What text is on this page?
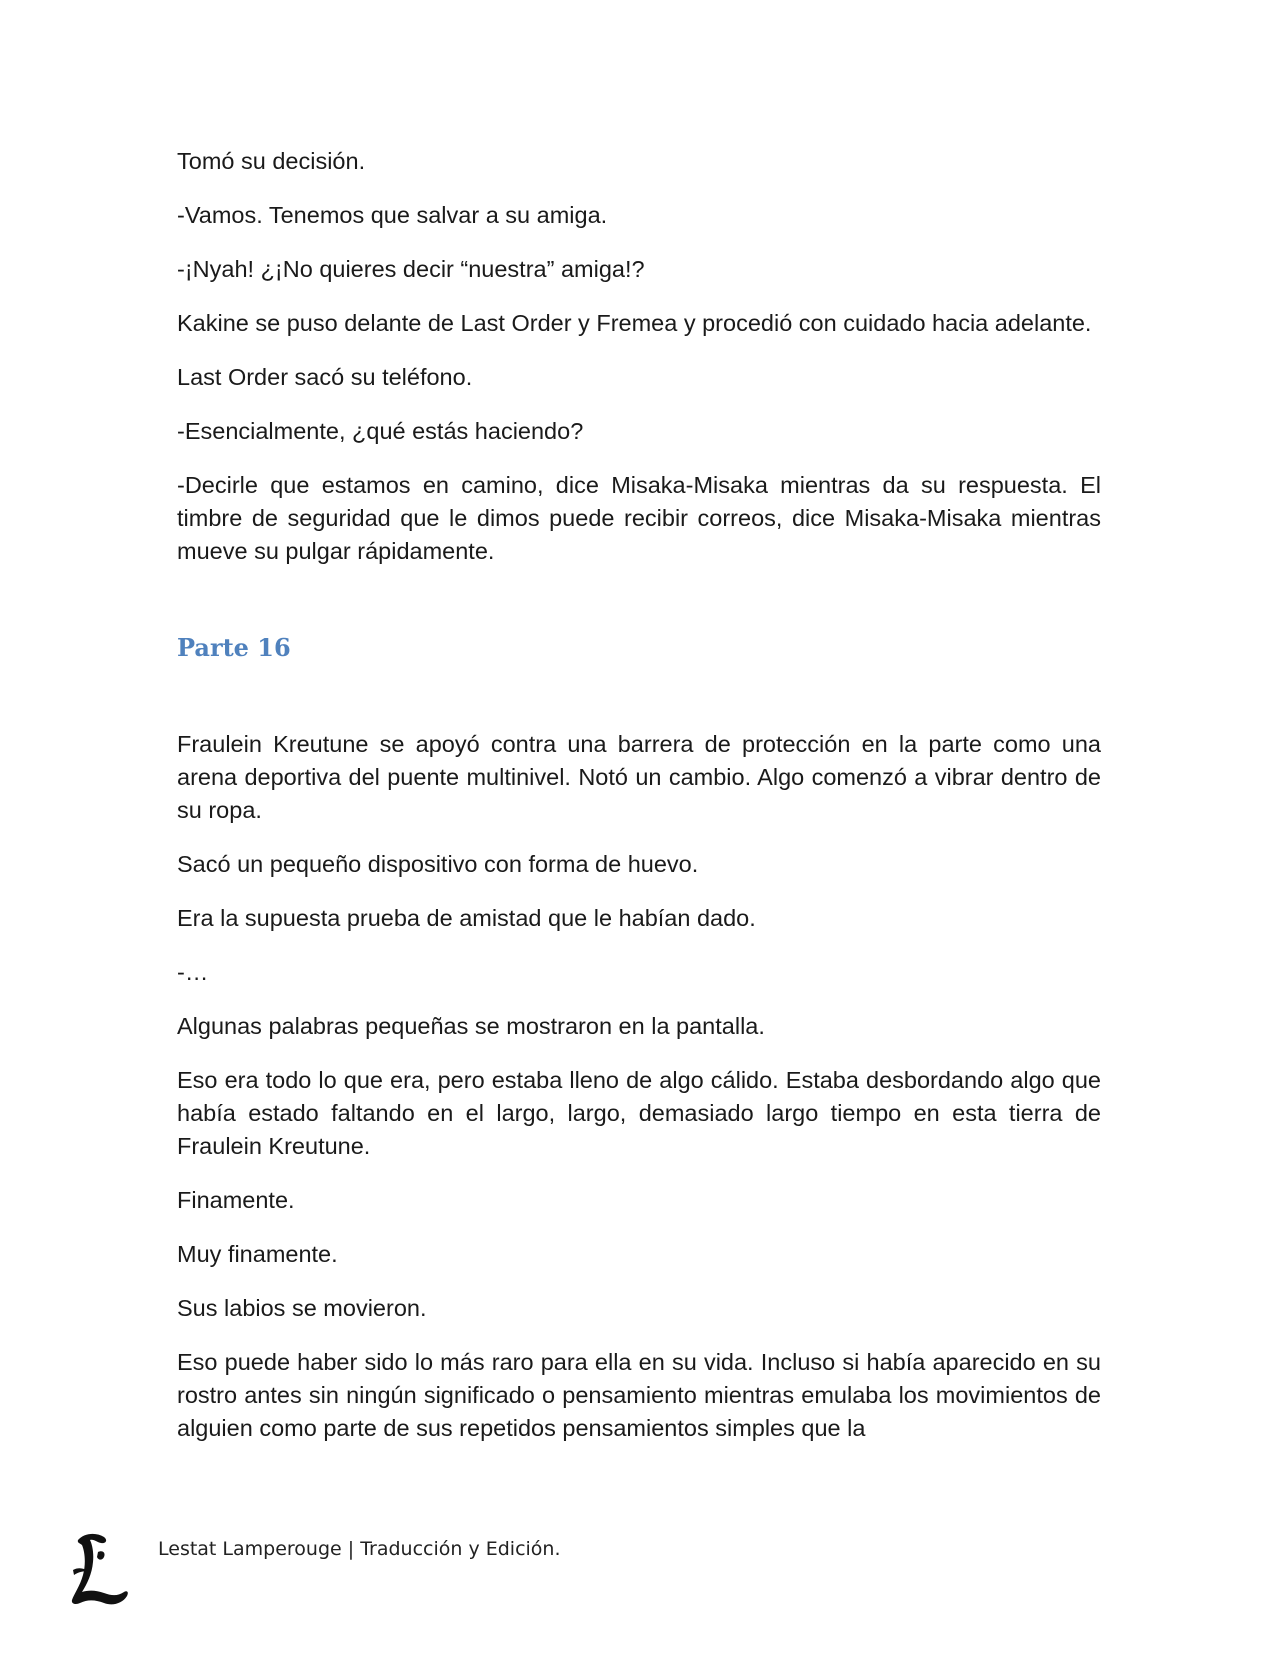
Tomó su decisión.

-Vamos. Tenemos que salvar a su amiga.

-¡Nyah! ¿¡No quieres decir “nuestra” amiga!?

Kakine se puso delante de Last Order y Fremea y procedió con cuidado hacia adelante.

Last Order sacó su teléfono.

-Esencialmente, ¿qué estás haciendo?

-Decirle que estamos en camino, dice Misaka-Misaka mientras da su respuesta. El timbre de seguridad que le dimos puede recibir correos, dice Misaka-Misaka mientras mueve su pulgar rápidamente.

Parte 16

Fraulein Kreutune se apoyó contra una barrera de protección en la parte como una arena deportiva del puente multinivel. Notó un cambio. Algo comenzó a vibrar dentro de su ropa.

Sacó un pequeño dispositivo con forma de huevo.

Era la supuesta prueba de amistad que le habían dado.

-…

Algunas palabras pequeñas se mostraron en la pantalla.

Eso era todo lo que era, pero estaba lleno de algo cálido. Estaba desbordando algo que había estado faltando en el largo, largo, demasiado largo tiempo en esta tierra de Fraulein Kreutune.

Finamente.

Muy finamente.

Sus labios se movieron.

Eso puede haber sido lo más raro para ella en su vida. Incluso si había aparecido en su rostro antes sin ningún significado o pensamiento mientras emulaba los movimientos de alguien como parte de sus repetidos pensamientos simples que la

Lestat Lamperouge | Traducción y Edición.
